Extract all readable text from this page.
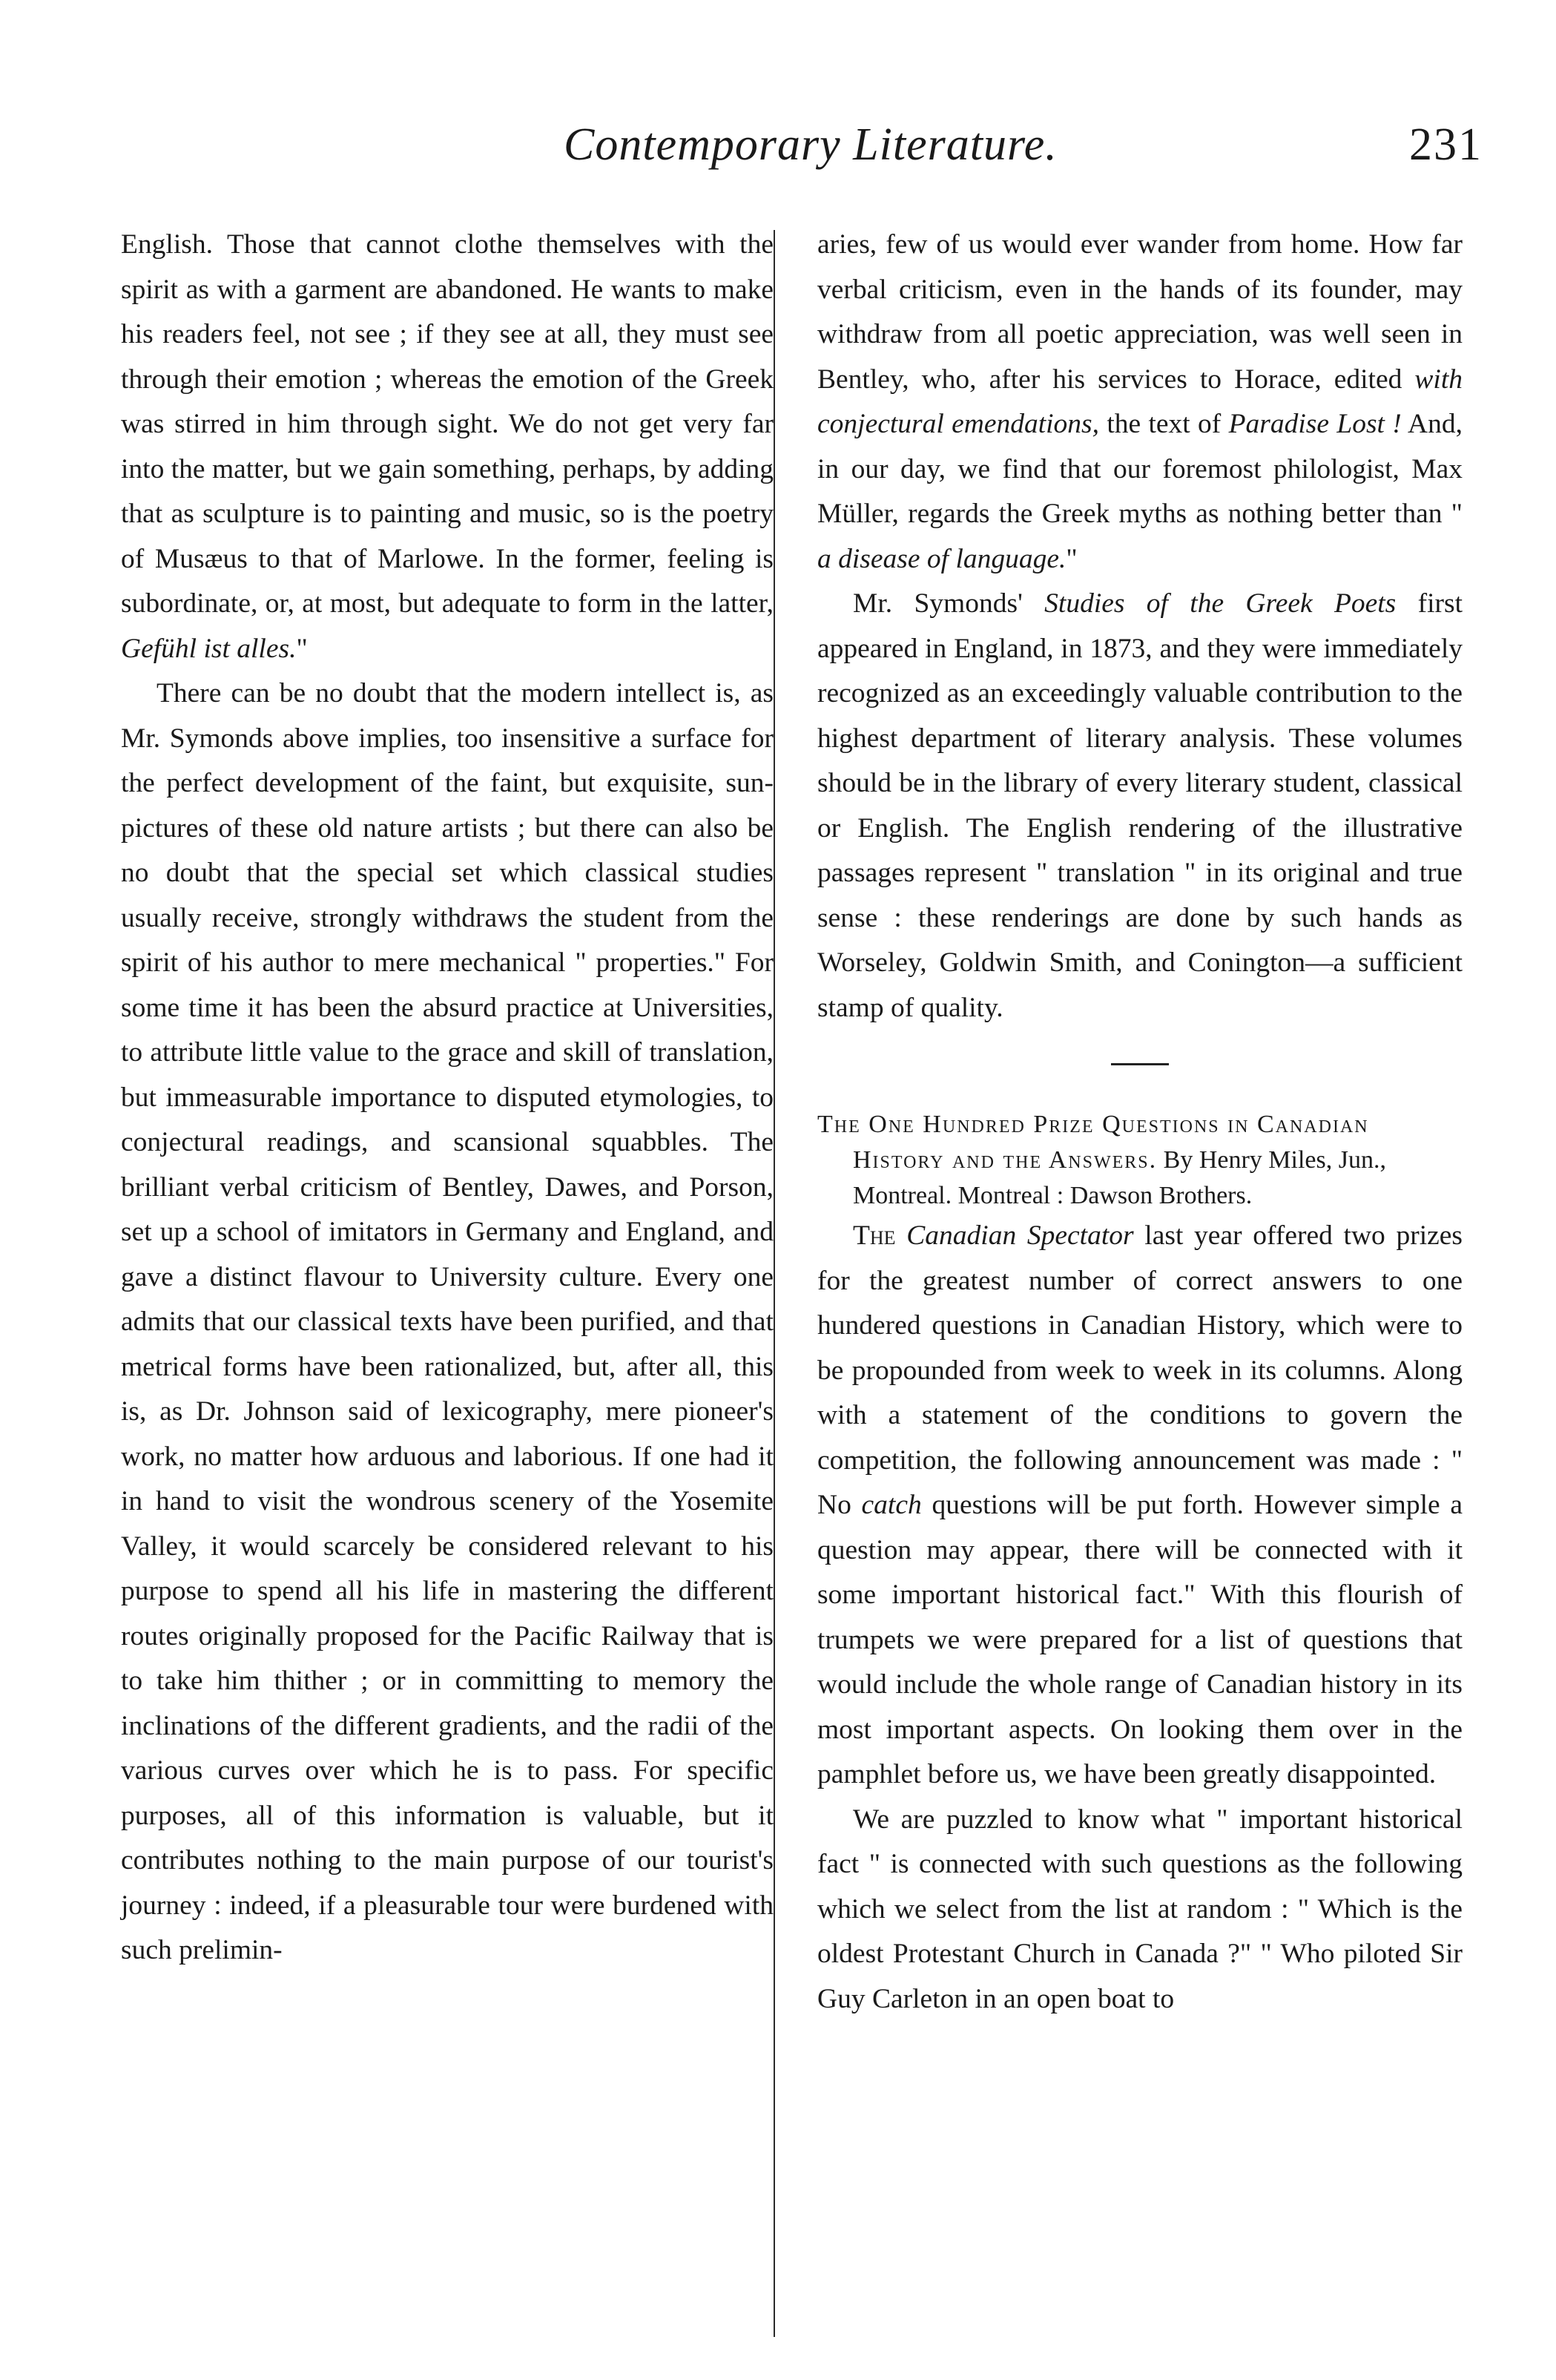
Contemporary Literature.	231

English. Those that cannot clothe themselves with the spirit as with a garment are abandoned. He wants to make his readers feel, not see ; if they see at all, they must see through their emotion ; whereas the emotion of the Greek was stirred in him through sight. We do not get very far into the matter, but we gain something, perhaps, by adding that as sculpture is to painting and music, so is the poetry of Musæus to that of Marlowe. In the former, feeling is subordinate, or, at most, but adequate to form in the latter, Gefühl ist alles."

There can be no doubt that the modern intellect is, as Mr. Symonds above implies, too insensitive a surface for the perfect development of the faint, but exquisite, sun-pictures of these old nature artists ; but there can also be no doubt that the special set which classical studies usually receive, strongly withdraws the student from the spirit of his author to mere mechanical " properties." For some time it has been the absurd practice at Universities, to attribute little value to the grace and skill of translation, but immeasurable importance to disputed etymologies, to conjectural readings, and scansional squabbles. The brilliant verbal criticism of Bentley, Dawes, and Porson, set up a school of imitators in Germany and England, and gave a distinct flavour to University culture. Every one admits that our classical texts have been purified, and that metrical forms have been rationalized, but, after all, this is, as Dr. Johnson said of lexicography, mere pioneer's work, no matter how arduous and laborious. If one had it in hand to visit the wondrous scenery of the Yosemite Valley, it would scarcely be considered relevant to his purpose to spend all his life in mastering the different routes originally proposed for the Pacific Railway that is to take him thither ; or in committing to memory the inclinations of the different gradients, and the radii of the various curves over which he is to pass. For specific purposes, all of this information is valuable, but it contributes nothing to the main purpose of our tourist's journey : indeed, if a pleasurable tour were burdened with such prelimin-

aries, few of us would ever wander from home. How far verbal criticism, even in the hands of its founder, may withdraw from all poetic appreciation, was well seen in Bentley, who, after his services to Horace, edited with conjectural emendations, the text of Paradise Lost ! And, in our day, we find that our foremost philologist, Max Müller, regards the Greek myths as nothing better than " a disease of language."

Mr. Symonds' Studies of the Greek Poets first appeared in England, in 1873, and they were immediately recognized as an exceedingly valuable contribution to the highest department of literary analysis. These volumes should be in the library of every literary student, classical or English. The English rendering of the illustrative passages represent " translation " in its original and true sense : these renderings are done by such hands as Worseley, Goldwin Smith, and Conington—a sufficient stamp of quality.

The One Hundred Prize Questions in Canadian History and the Answers. By Henry Miles, Jun., Montreal. Montreal : Dawson Brothers.

The Canadian Spectator last year offered two prizes for the greatest number of correct answers to one hundered questions in Canadian History, which were to be propounded from week to week in its columns. Along with a statement of the conditions to govern the competition, the following announcement was made : " No catch questions will be put forth. However simple a question may appear, there will be connected with it some important historical fact." With this flourish of trumpets we were prepared for a list of questions that would include the whole range of Canadian history in its most important aspects. On looking them over in the pamphlet before us, we have been greatly disappointed.

We are puzzled to know what " important historical fact " is connected with such questions as the following which we select from the list at random : " Which is the oldest Protestant Church in Canada ?" " Who piloted Sir Guy Carleton in an open boat to
